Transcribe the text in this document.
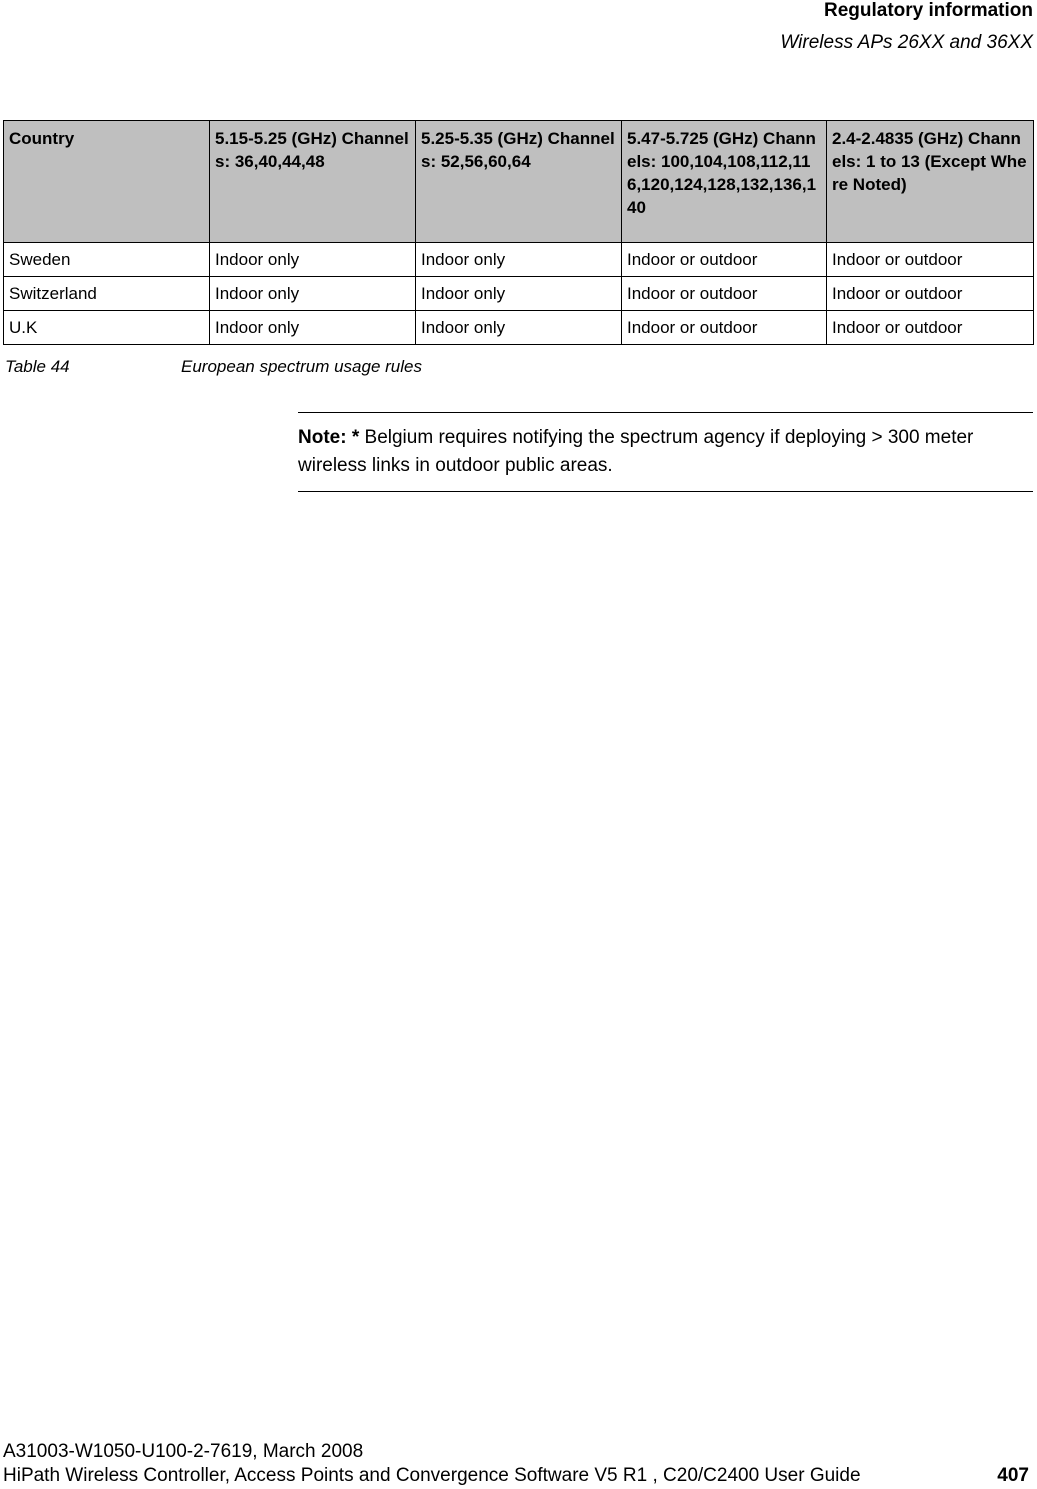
Regulatory information
Wireless APs 26XX and 36XX
Country	5.15-5.25 (GHz) Channels: 36,40,44,48	5.25-5.35 (GHz) Channels: 52,56,60,64	5.47-5.725 (GHz) Channels: 100,104,108,112,116,120,124,128,132,136,140	2.4-2.4835 (GHz) Channels: 1 to 13 (Except Where Noted)
Sweden	Indoor only	Indoor only	Indoor or outdoor	Indoor or outdoor
Switzerland	Indoor only	Indoor only	Indoor or outdoor	Indoor or outdoor
U.K	Indoor only	Indoor only	Indoor or outdoor	Indoor or outdoor
Table 44	European spectrum usage rules
Note: * Belgium requires notifying the spectrum agency if deploying > 300 meter wireless links in outdoor public areas.
A31003-W1050-U100-2-7619, March 2008
HiPath Wireless Controller, Access Points and Convergence Software V5 R1 , C20/C2400 User Guide	407
